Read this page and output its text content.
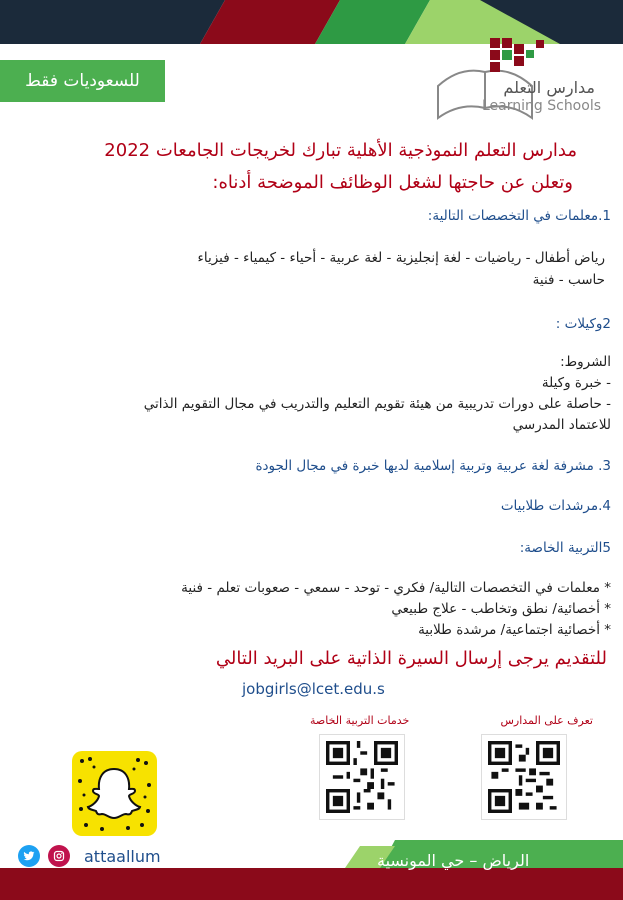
للسعوديات فقط	مدارس التعلم
Learning Schools
مدارس التعلم النموذجية الأهلية تبارك لخريجات الجامعات 2022
وتعلن عن حاجتها لشغل الوظائف الموضحة أدناه:
1.معلمات في التخصصات التالية:
رياض أطفال - رياضيات - لغة إنجليزية - لغة عربية - أحياء - كيمياء - فيزياء
حاسب - فنية
2وكيلات :
الشروط:
- خبرة وكيلة
- حاصلة على دورات تدريبية من هيئة تقويم التعليم والتدريب في مجال التقويم الذاتي
للاعتماد المدرسي
3. مشرفة لغة عربية وتربية إسلامية لديها خبرة في مجال الجودة
4.مرشدات طلابيات
5التربية الخاصة:
* معلمات في التخصصات التالية/ فكري - توحد - سمعي - صعوبات تعلم - فنية
* أخصائية/ نطق وتخاطب - علاج طبيعي
* أخصائية اجتماعية/ مرشدة طلابية
للتقديم يرجى إرسال السيرة الذاتية على البريد التالي
jobgirls@lcet.edu.s
تعرف على المدارس
خدمات التربية الخاصة
الرياض – حي المونسية
attaallum
